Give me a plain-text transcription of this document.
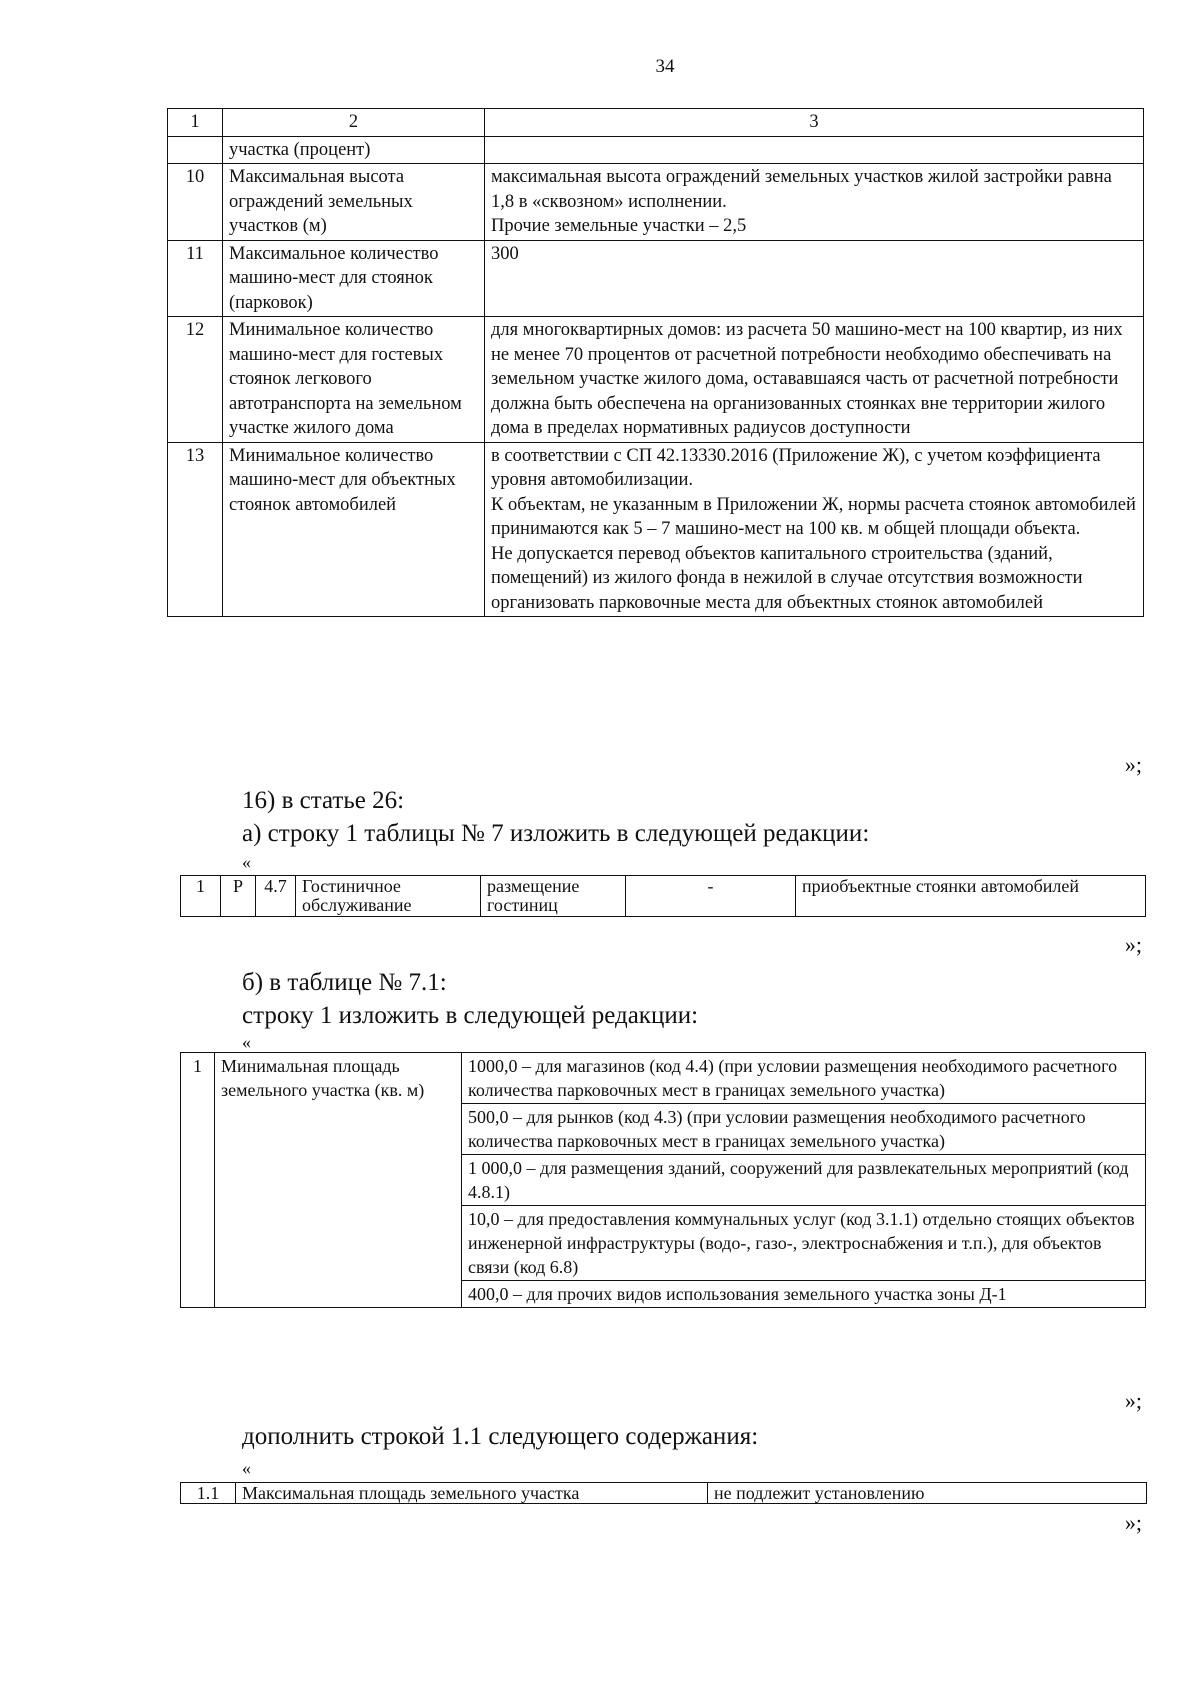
34
1	2	3
	участка (процент)	
10	Максимальная высота ограждений земельных участков (м)	максимальная высота ограждений земельных участков жилой застройки равна 1,8 в «сквозном» исполнении.
Прочие земельные участки – 2,5
11	Максимальное количество машино-мест для стоянок (парковок)	300
12	Минимальное количество машино-мест для гостевых стоянок легкового автотранспорта на земельном участке жилого дома	для многоквартирных домов: из расчета 50 машино-мест на 100 квартир, из них не менее 70 процентов от расчетной потребности необходимо обеспечивать на земельном участке жилого дома, остававшаяся часть от расчетной потребности должна быть обеспечена на организованных стоянках вне территории жилого дома в пределах нормативных радиусов доступности
13	Минимальное количество машино-мест для объектных стоянок автомобилей	в соответствии с СП 42.13330.2016 (Приложение Ж), с учетом коэффициента уровня автомобилизации.
К объектам, не указанным в Приложении Ж, нормы расчета стоянок автомобилей принимаются как 5 – 7 машино-мест на 100 кв. м общей площади объекта.
Не допускается перевод объектов капитального строительства (зданий, помещений) из жилого фонда в нежилой в случае отсутствия возможности организовать парковочные места для объектных стоянок автомобилей
»;
16) в статье 26:
а) строку 1 таблицы № 7 изложить в следующей редакции:
«
1	Р	4.7	Гостиничное обслуживание	размещение гостиниц	-	приобъектные стоянки автомобилей
»;
б) в таблице № 7.1:
строку 1 изложить в следующей редакции:
«
1	Минимальная площадь земельного участка (кв. м)	1000,0 – для магазинов (код 4.4) (при условии размещения необходимого расчетного количества парковочных мест в границах земельного участка)
500,0 – для рынков (код 4.3) (при условии размещения необходимого расчетного количества парковочных мест в границах земельного участка)
1 000,0 – для размещения зданий, сооружений для развлекательных мероприятий (код 4.8.1)
10,0 – для предоставления коммунальных услуг (код 3.1.1) отдельно стоящих объектов инженерной инфраструктуры (водо-, газо-, электроснабжения и т.п.), для объектов связи (код 6.8)
400,0 – для прочих видов использования земельного участка зоны Д-1
»;
дополнить строкой 1.1 следующего содержания:
«
1.1	Максимальная площадь земельного участка	не подлежит установлению
»;
